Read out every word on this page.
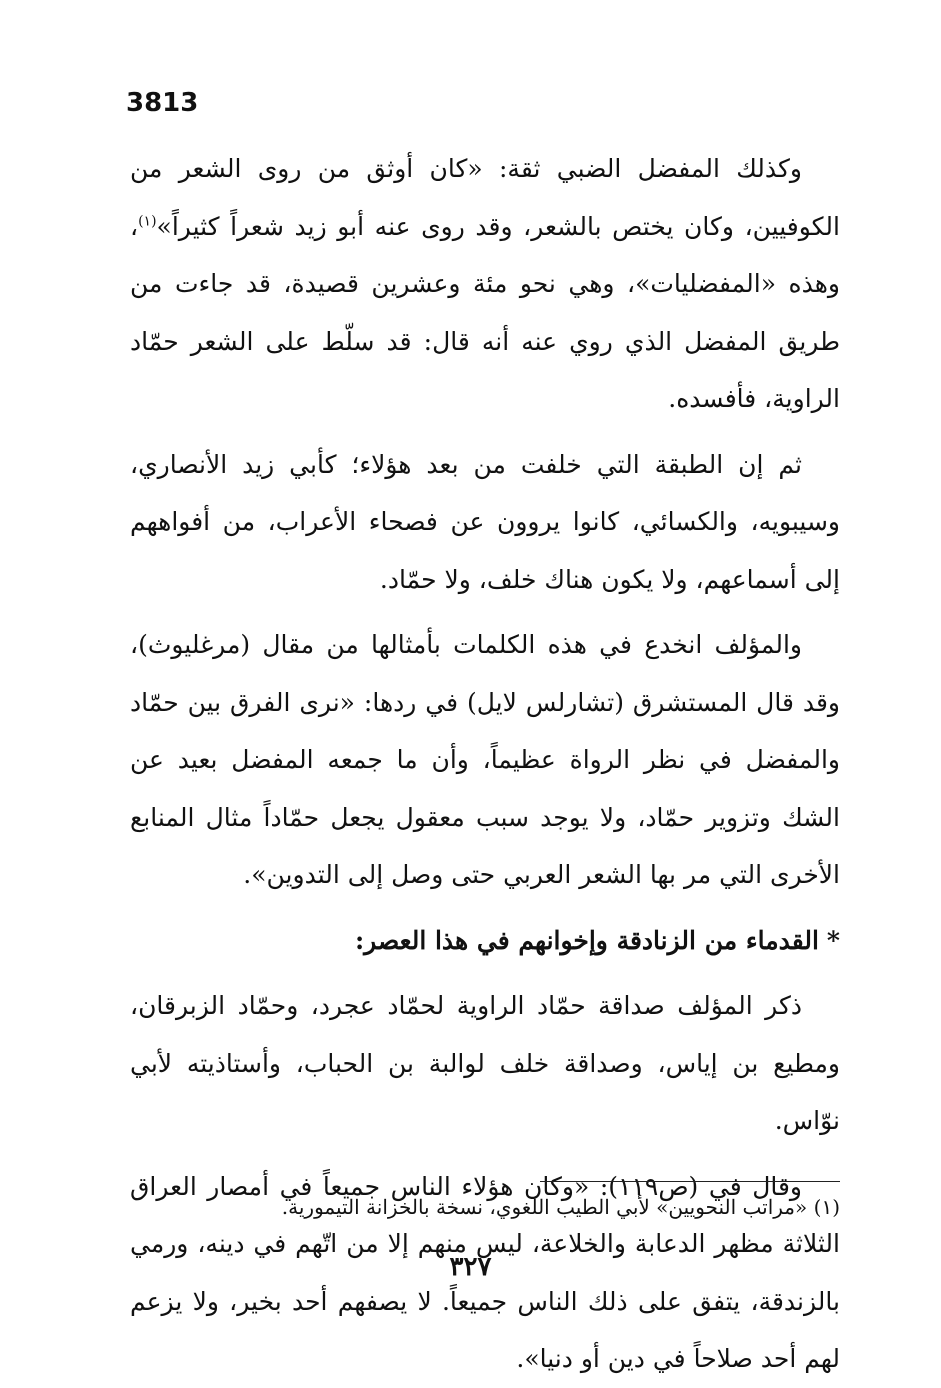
3813

وكذلك المفضل الضبي ثقة: «كان أوثق من روى الشعر من الكوفيين، وكان يختص بالشعر، وقد روى عنه أبو زيد شعراً كثيراً»$^{(١)}$، وهذه «المفضليات»، وهي نحو مئة وعشرين قصيدة، قد جاءت من طريق المفضل الذي روي عنه أنه قال: قد سلّط على الشعر حمّاد الراوية، فأفسده.

ثم إن الطبقة التي خلفت من بعد هؤلاء؛ كأبي زيد الأنصاري، وسيبويه، والكسائي، كانوا يروون عن فصحاء الأعراب، من أفواههم إلى أسماعهم، ولا يكون هناك خلف، ولا حمّاد.

والمؤلف انخدع في هذه الكلمات بأمثالها من مقال (مرغليوث)، وقد قال المستشرق (تشارلس لايل) في ردها: «نرى الفرق بين حمّاد والمفضل في نظر الرواة عظيماً، وأن ما جمعه المفضل بعيد عن الشك وتزوير حمّاد، ولا يوجد سبب معقول يجعل حمّاداً مثال المنابع الأخرى التي مر بها الشعر العربي حتى وصل إلى التدوين».

*القدماء من الزنادقة وإخوانهم في هذا العصر:

ذكر المؤلف صداقة حمّاد الراوية لحمّاد عجرد، وحمّاد الزبرقان، ومطيع بن إياس، وصداقة خلف لوالبة بن الحباب، وأستاذيته لأبي نوّاس.

وقال في (ص١١٩): «وكان هؤلاء الناس جميعاً في أمصار العراق الثلاثة مظهر الدعابة والخلاعة، ليس منهم إلا من اتّهم في دينه، ورمي بالزندقة، يتفق على ذلك الناس جميعاً. لا يصفهم أحد بخير، ولا يزعم لهم أحد صلاحاً في دين أو دنيا».

(١) «مراتب النحويين» لأبي الطيب اللغوي، نسخة بالخزانة التيمورية.
٣٢٧
